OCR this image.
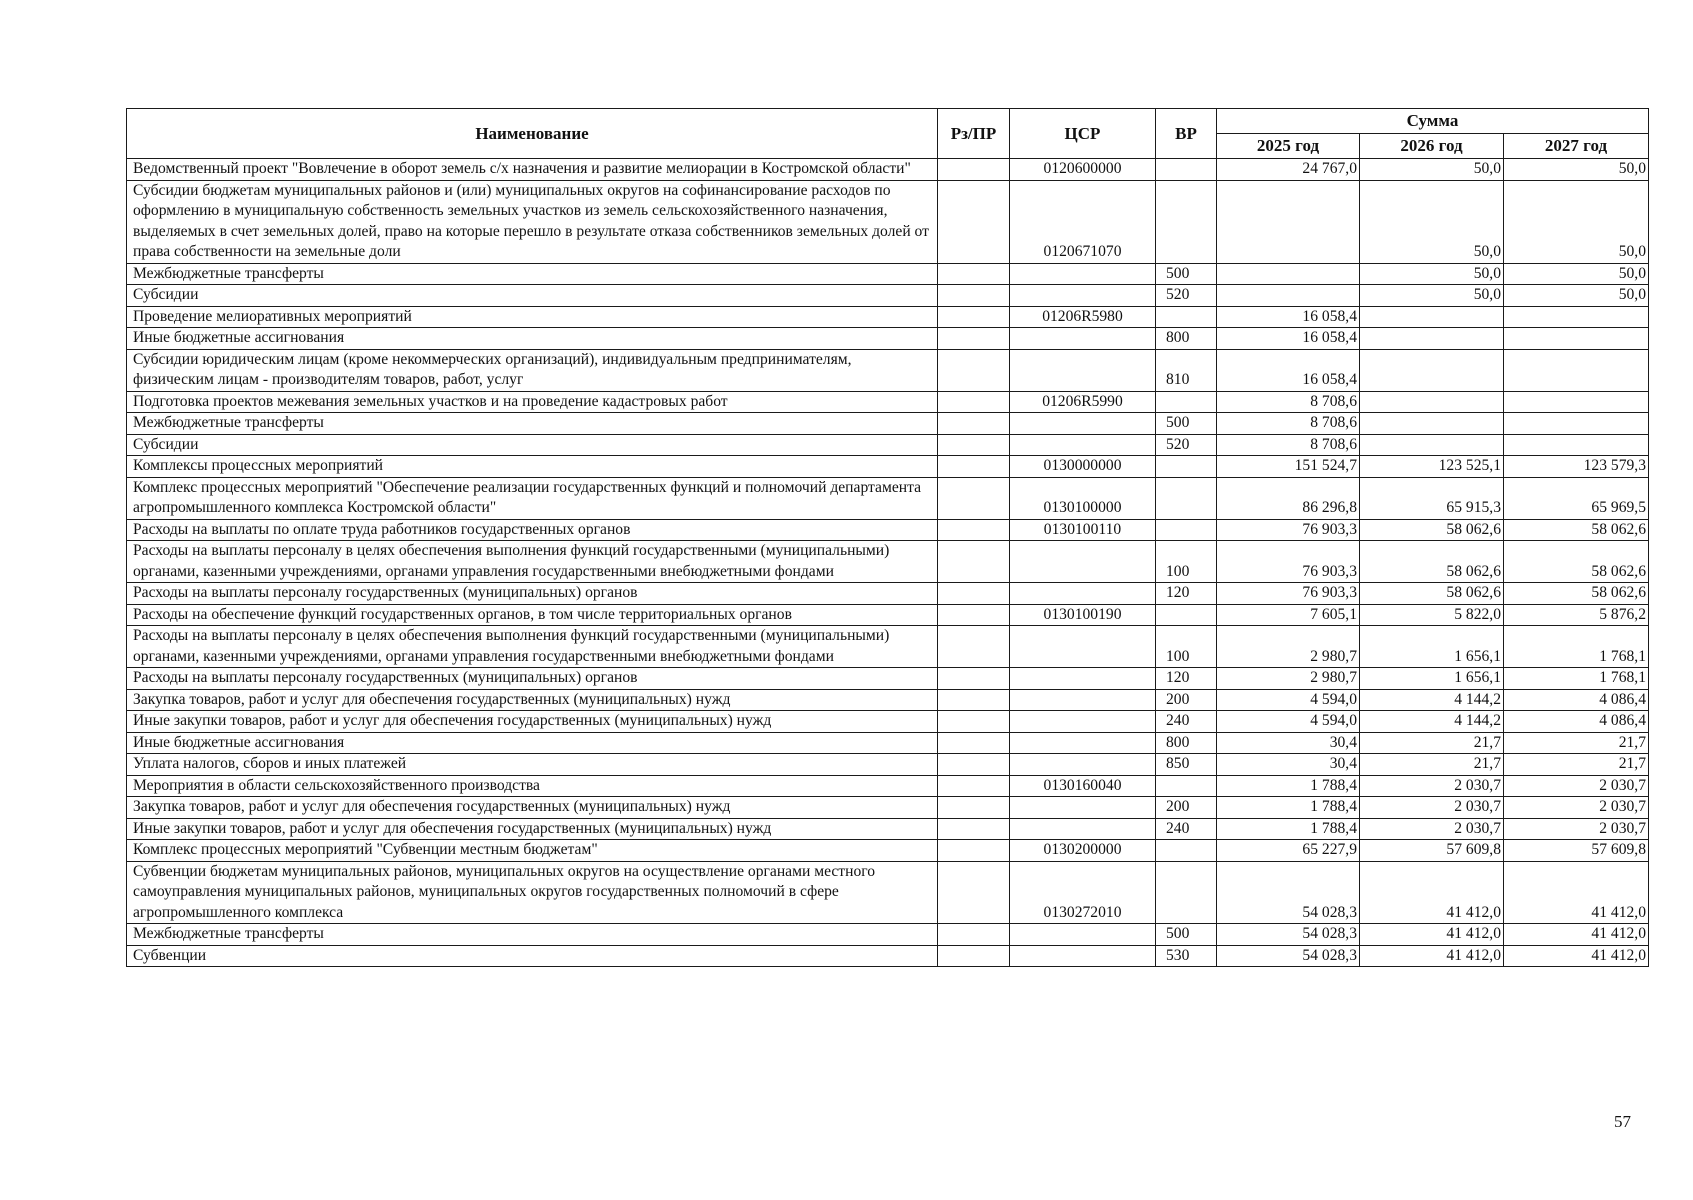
Наименование	Рз/ПР	ЦСР	ВР	Сумма		
				2025 год	2026 год	2027 год
Ведомственный проект "Вовлечение в оборот земель с/х назначения и развитие мелиорации в Костромской области"		0120600000		24 767,0	50,0	50,0
Субсидии бюджетам муниципальных районов и (или) муниципальных округов на софинансирование расходов по оформлению в муниципальную собственность земельных участков из земель сельскохозяйственного назначения, выделяемых в счет земельных долей, право на которые перешло в результате отказа собственников земельных долей от права собственности на земельные доли		0120671070			50,0	50,0
Межбюджетные трансферты			500		50,0	50,0
Субсидии			520		50,0	50,0
Проведение мелиоративных мероприятий		01206R5980		16 058,4		
Иные бюджетные ассигнования			800	16 058,4		
Субсидии юридическим лицам (кроме некоммерческих организаций), индивидуальным предпринимателям, физическим лицам - производителям товаров, работ, услуг			810	16 058,4		
Подготовка проектов межевания земельных участков и на проведение кадастровых работ		01206R5990		8 708,6		
Межбюджетные трансферты			500	8 708,6		
Субсидии			520	8 708,6		
Комплексы процессных мероприятий		0130000000		151 524,7	123 525,1	123 579,3
Комплекс процессных мероприятий "Обеспечение реализации государственных функций и полномочий департамента агропромышленного комплекса Костромской области"		0130100000		86 296,8	65 915,3	65 969,5
Расходы на выплаты по оплате труда работников государственных органов		0130100110		76 903,3	58 062,6	58 062,6
Расходы на выплаты персоналу в целях обеспечения выполнения функций государственными (муниципальными) органами, казенными учреждениями, органами управления государственными внебюджетными фондами			100	76 903,3	58 062,6	58 062,6
Расходы на выплаты персоналу государственных (муниципальных) органов			120	76 903,3	58 062,6	58 062,6
Расходы на обеспечение функций государственных органов, в том числе территориальных органов		0130100190		7 605,1	5 822,0	5 876,2
Расходы на выплаты персоналу в целях обеспечения выполнения функций государственными (муниципальными) органами, казенными учреждениями, органами управления государственными внебюджетными фондами			100	2 980,7	1 656,1	1 768,1
Расходы на выплаты персоналу государственных (муниципальных) органов			120	2 980,7	1 656,1	1 768,1
Закупка товаров, работ и услуг для обеспечения государственных (муниципальных) нужд			200	4 594,0	4 144,2	4 086,4
Иные закупки товаров, работ и услуг для обеспечения государственных (муниципальных) нужд			240	4 594,0	4 144,2	4 086,4
Иные бюджетные ассигнования			800	30,4	21,7	21,7
Уплата налогов, сборов и иных платежей			850	30,4	21,7	21,7
Мероприятия в области сельскохозяйственного производства		0130160040		1 788,4	2 030,7	2 030,7
Закупка товаров, работ и услуг для обеспечения государственных (муниципальных) нужд			200	1 788,4	2 030,7	2 030,7
Иные закупки товаров, работ и услуг для обеспечения государственных (муниципальных) нужд			240	1 788,4	2 030,7	2 030,7
Комплекс процессных мероприятий "Субвенции местным бюджетам"		0130200000		65 227,9	57 609,8	57 609,8
Субвенции бюджетам муниципальных районов, муниципальных округов на осуществление органами местного самоуправления муниципальных районов, муниципальных округов государственных полномочий в сфере агропромышленного комплекса		0130272010		54 028,3	41 412,0	41 412,0
Межбюджетные трансферты			500	54 028,3	41 412,0	41 412,0
Субвенции			530	54 028,3	41 412,0	41 412,0
57
